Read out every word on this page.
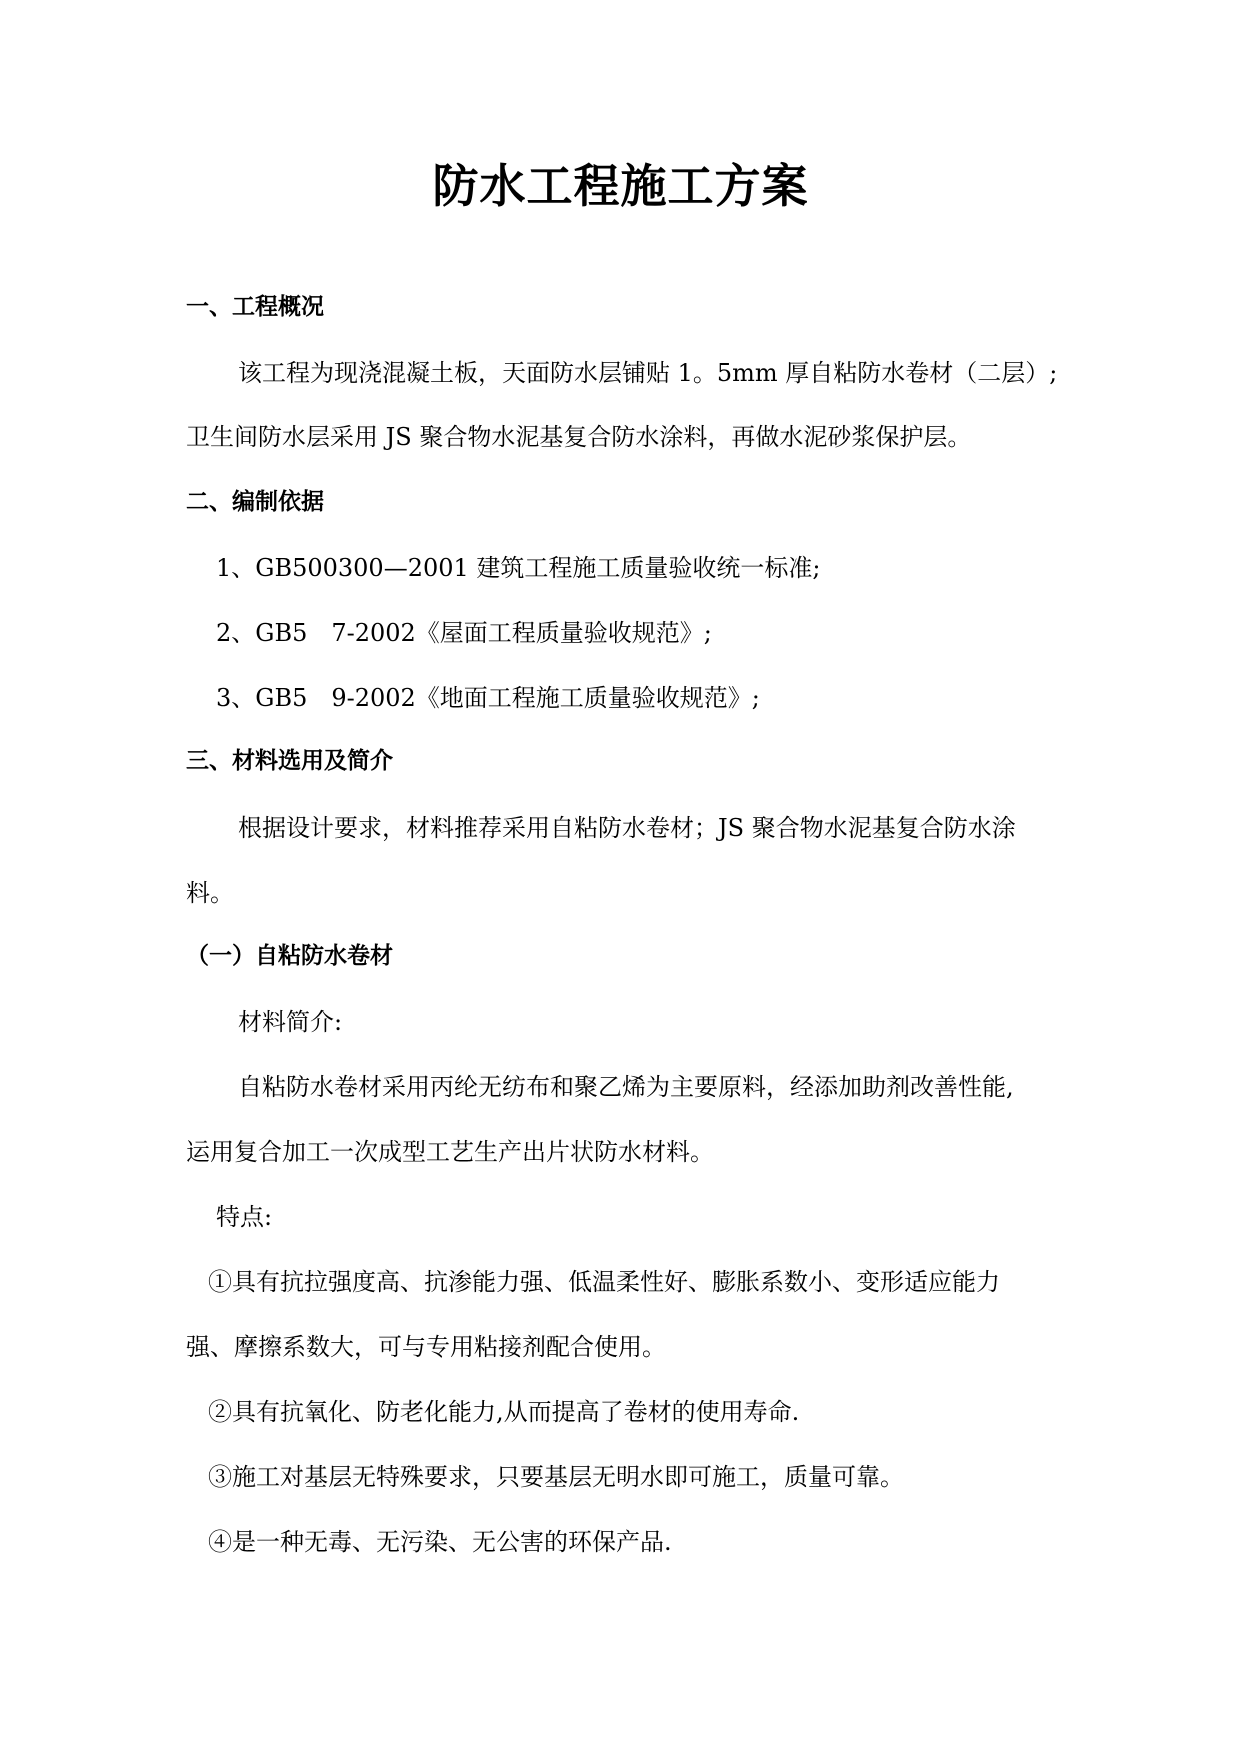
防水工程施工方案
一、工程概况
该工程为现浇混凝土板，天面防水层铺贴 1。5mm 厚自粘防水卷材（二层）;
卫生间防水层采用 JS 聚合物水泥基复合防水涂料，再做水泥砂浆保护层。
二、编制依据
1、GB500300—2001 建筑工程施工质量验收统一标准;
2、GB5　7-2002《屋面工程质量验收规范》;
3、GB5　9-2002《地面工程施工质量验收规范》;
三、材料选用及简介
根据设计要求，材料推荐采用自粘防水卷材；JS 聚合物水泥基复合防水涂
料。
（一）自粘防水卷材
材料简介:
自粘防水卷材采用丙纶无纺布和聚乙烯为主要原料，经添加助剂改善性能,
运用复合加工一次成型工艺生产出片状防水材料。
特点:
①具有抗拉强度高、抗渗能力强、低温柔性好、膨胀系数小、变形适应能力
强、摩擦系数大，可与专用粘接剂配合使用。
②具有抗氧化、防老化能力,从而提高了卷材的使用寿命.
③施工对基层无特殊要求，只要基层无明水即可施工，质量可靠。
④是一种无毒、无污染、无公害的环保产品.
